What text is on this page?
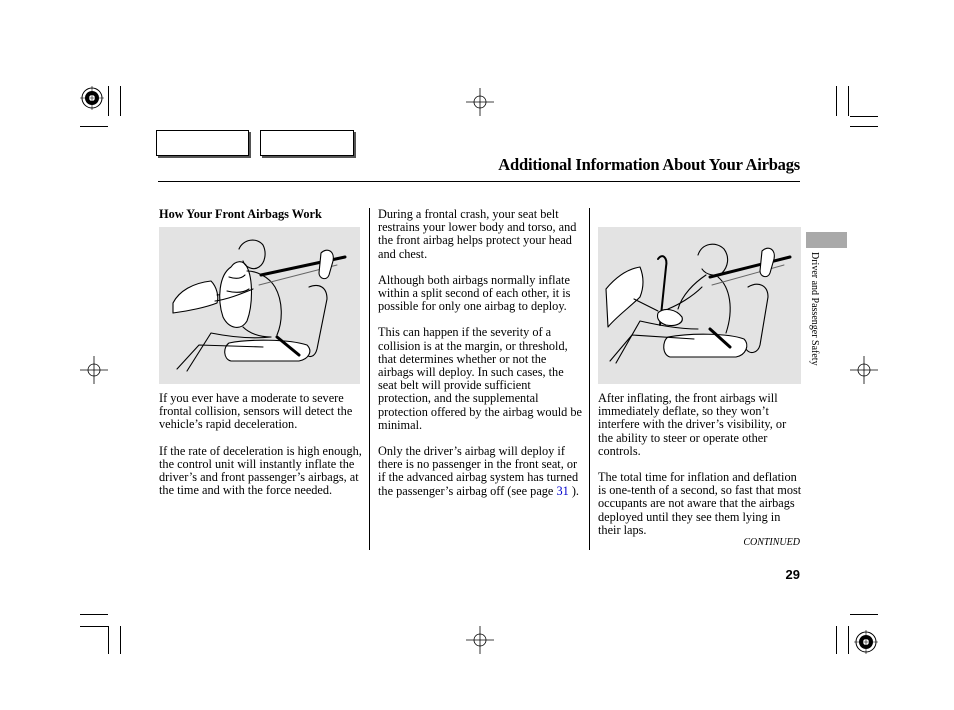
Additional Information About Your Airbags
How Your Front Airbags Work

If you ever have a moderate to severe frontal collision, sensors will detect the vehicle’s rapid deceleration.

If the rate of deceleration is high enough, the control unit will instantly inflate the driver’s and front passenger’s airbags, at the time and with the force needed.

During a frontal crash, your seat belt restrains your lower body and torso, and the front airbag helps protect your head and chest.

Although both airbags normally inflate within a split second of each other, it is possible for only one airbag to deploy.

This can happen if the severity of a collision is at the margin, or threshold, that determines whether or not the airbags will deploy. In such cases, the seat belt will provide sufficient protection, and the supplemental protection offered by the airbag would be minimal.

Only the driver’s airbag will deploy if there is no passenger in the front seat, or if the advanced airbag system has turned the passenger’s airbag off (see page 31 ).

After inflating, the front airbags will immediately deflate, so they won’t interfere with the driver’s visibility, or the ability to steer or operate other controls.

The total time for inflation and deflation is one-tenth of a second, so fast that most occupants are not aware that the airbags deployed until they see them lying in their laps.

Driver and Passenger Safety
CONTINUED
29
